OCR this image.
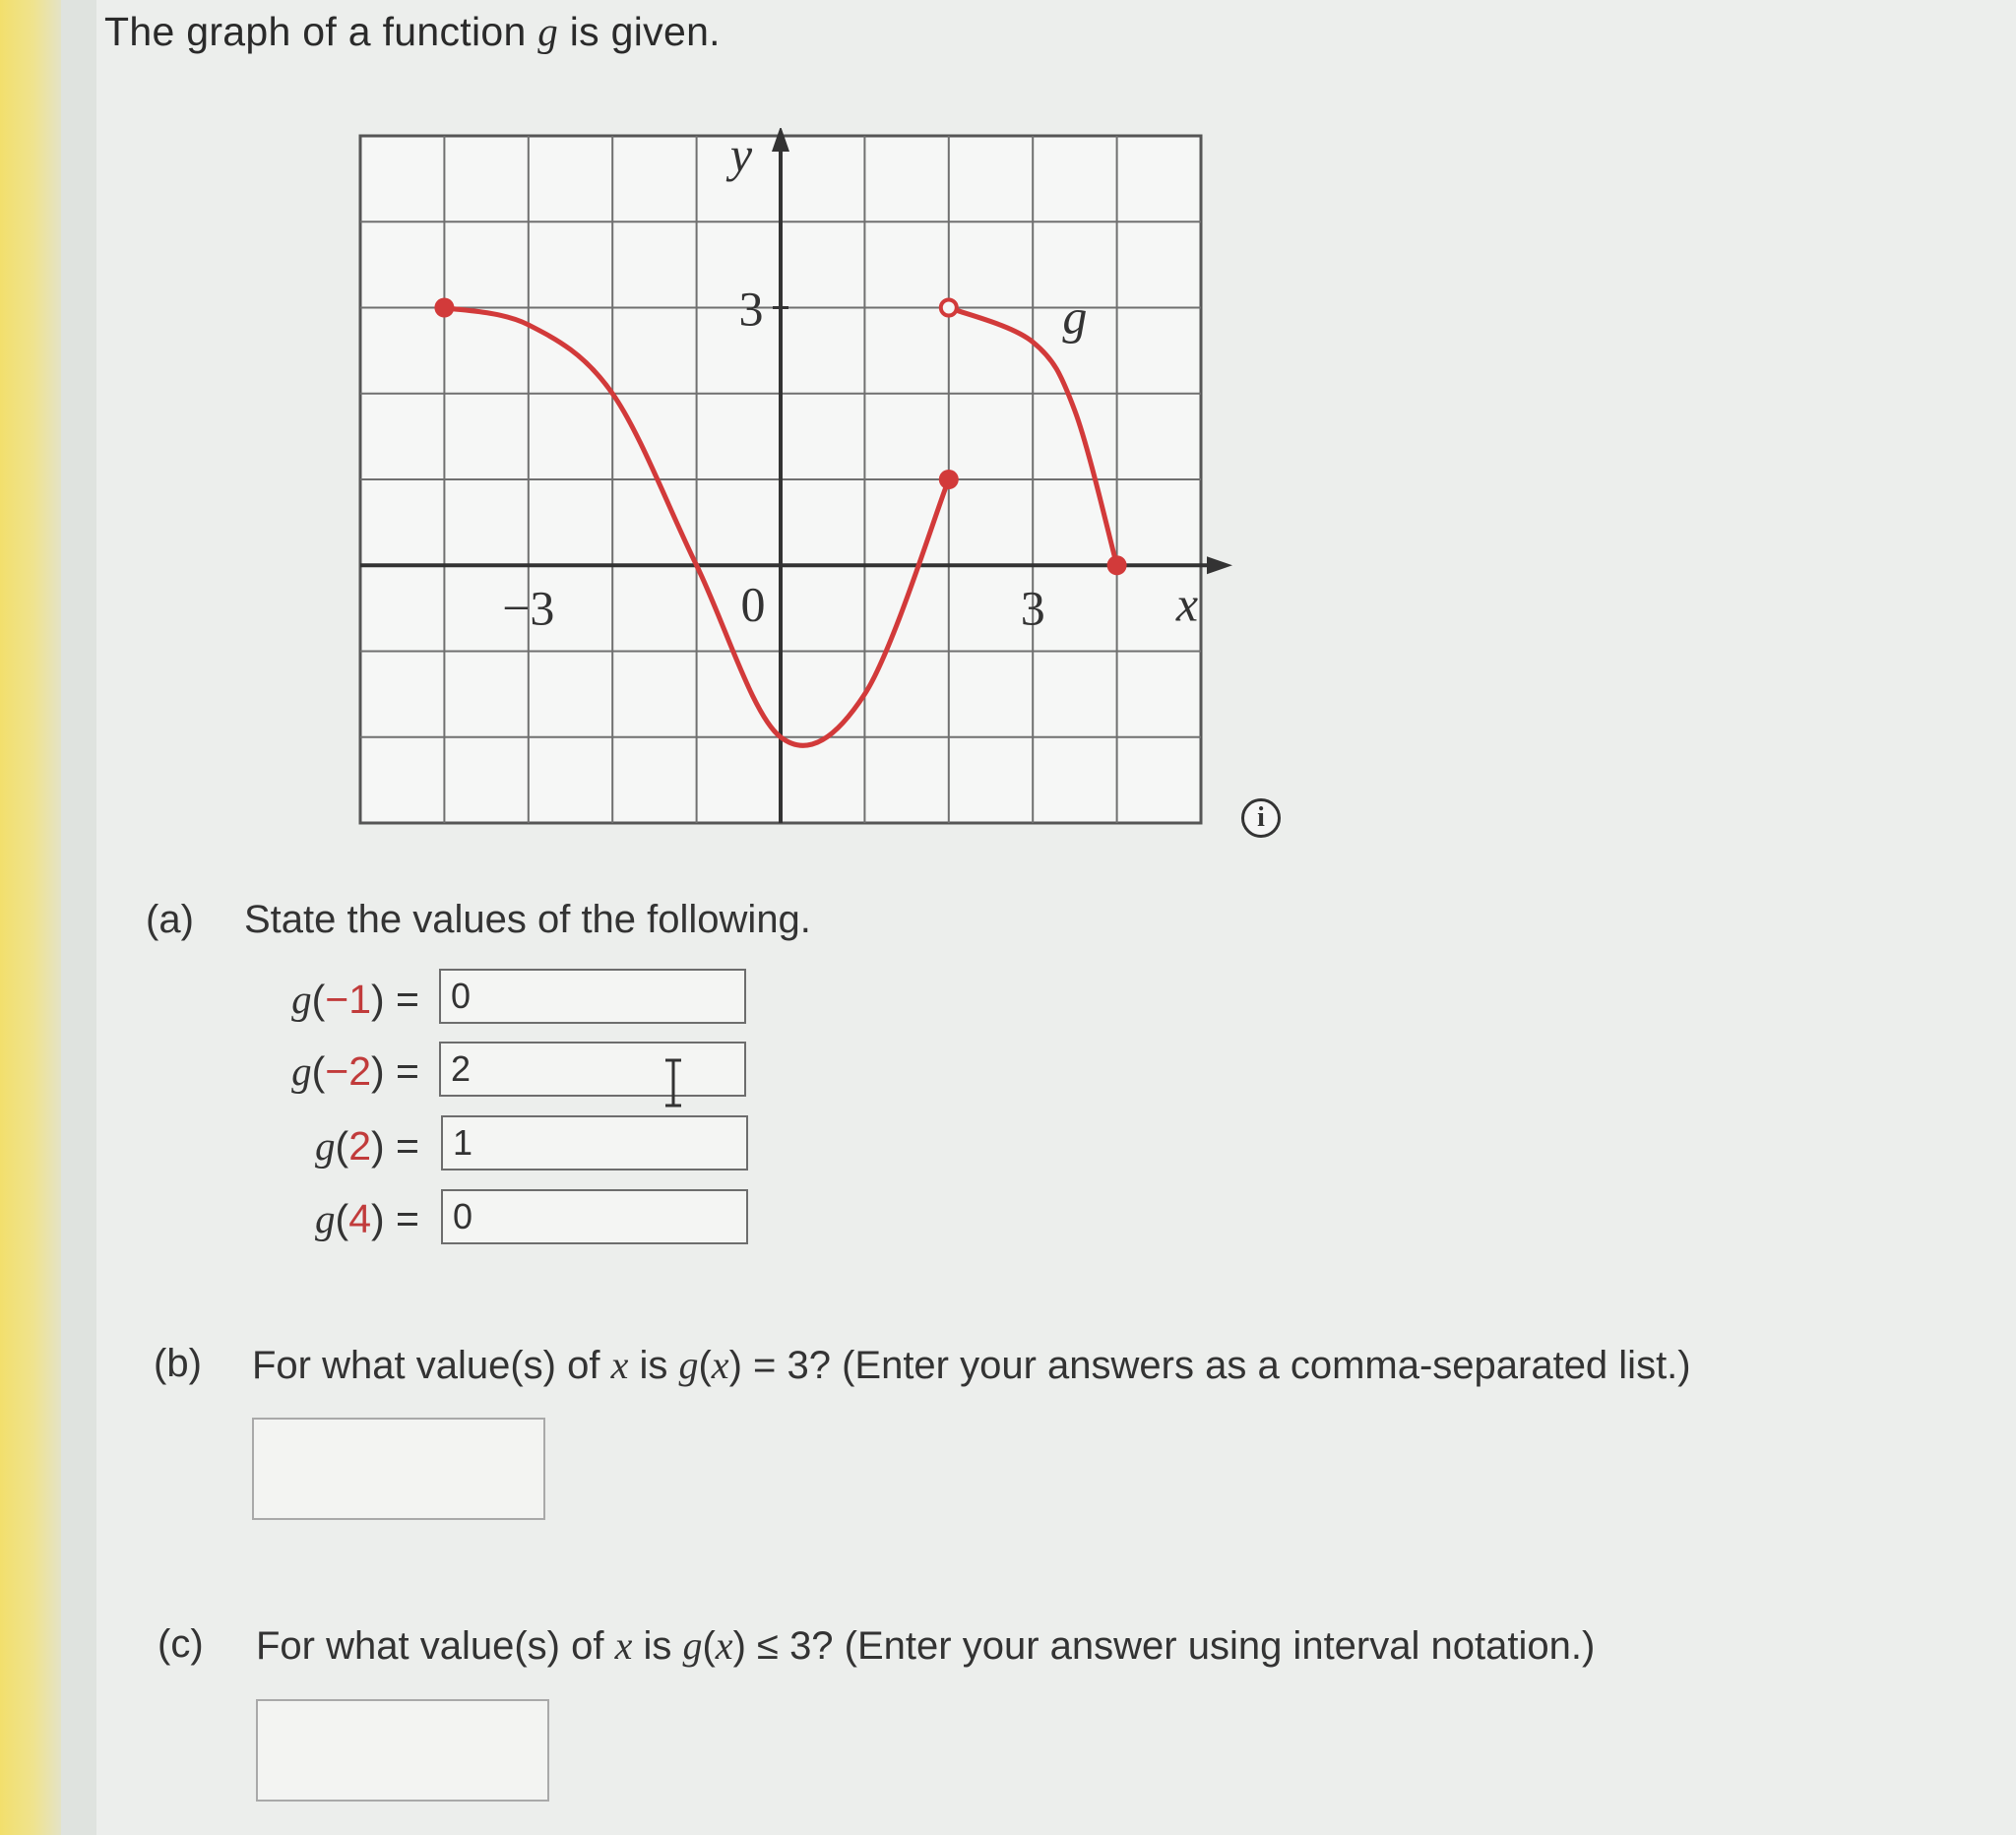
The graph of a function g is given.
−3	0	3
3
x
y
g
i
(a) State the values of the following.
g(−1) = 0
g(−2) = 2
g(2) = 1
g(4) = 0
(b) For what value(s) of x is g(x) = 3? (Enter your answers as a comma-separated list.)
(c) For what value(s) of x is g(x) ≤ 3? (Enter your answer using interval notation.)
